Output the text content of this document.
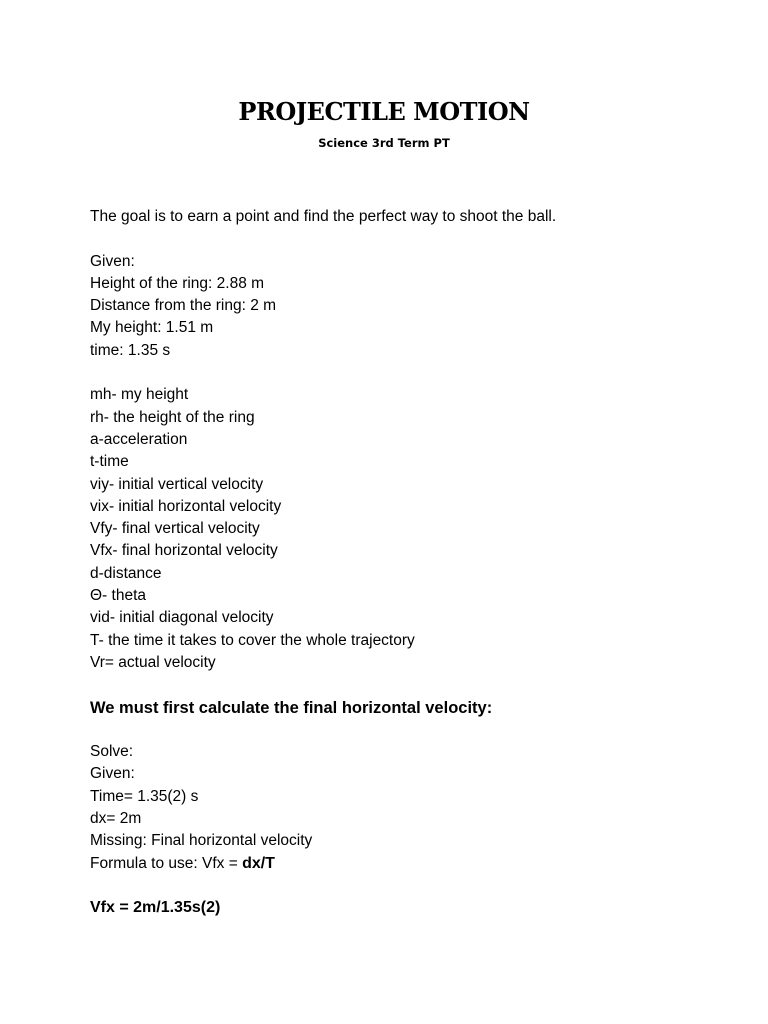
PROJECTILE MOTION
Science 3rd Term PT
The goal is to earn a point and find the perfect way to shoot the ball.
Given:
Height of the ring: 2.88 m
Distance from the ring: 2 m
My height: 1.51 m
time: 1.35 s
mh- my height
rh- the height of the ring
a-acceleration
t-time
viy- initial vertical velocity
vix- initial horizontal velocity
Vfy- final vertical velocity
Vfx- final horizontal velocity
d-distance
Θ- theta
vid- initial diagonal velocity
T- the time it takes to cover the whole trajectory
Vr= actual velocity
We must first calculate the final horizontal velocity:
Solve:
Given:
Time= 1.35(2) s
dx= 2m
Missing: Final horizontal velocity
Formula to use: Vfx = dx/T
Vfx = 2m/1.35s(2)
